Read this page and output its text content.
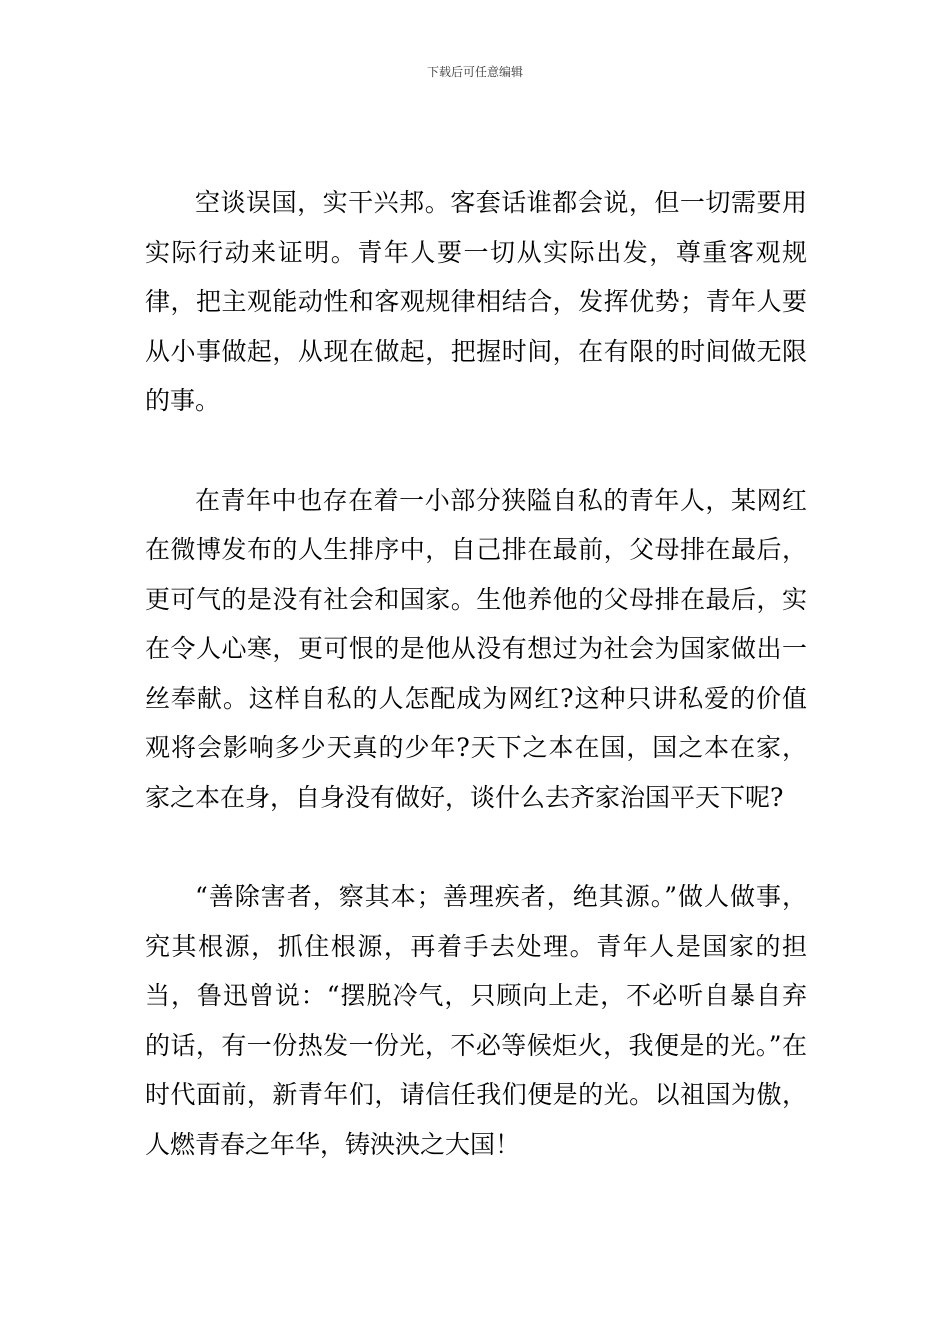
下载后可任意编辑

空谈误国，实干兴邦。客套话谁都会说，但一切需要用实际行动来证明。青年人要一切从实际出发，尊重客观规律，把主观能动性和客观规律相结合，发挥优势；青年人要从小事做起，从现在做起，把握时间，在有限的时间做无限的事。

在青年中也存在着一小部分狭隘自私的青年人，某网红在微博发布的人生排序中，自己排在最前，父母排在最后，更可气的是没有社会和国家。生他养他的父母排在最后，实在令人心寒，更可恨的是他从没有想过为社会为国家做出一丝奉献。这样自私的人怎配成为网红?这种只讲私爱的价值观将会影响多少天真的少年?天下之本在国，国之本在家，家之本在身，自身没有做好，谈什么去齐家治国平天下呢?

“善除害者，察其本；善理疾者，绝其源。”做人做事，究其根源，抓住根源，再着手去处理。青年人是国家的担当，鲁迅曾说：“摆脱冷气，只顾向上走，不必听自暴自弃的话，有一份热发一份光，不必等候炬火，我便是的光。”在时代面前，新青年们，请信任我们便是的光。以祖国为傲，人燃青春之年华，铸泱泱之大国！
